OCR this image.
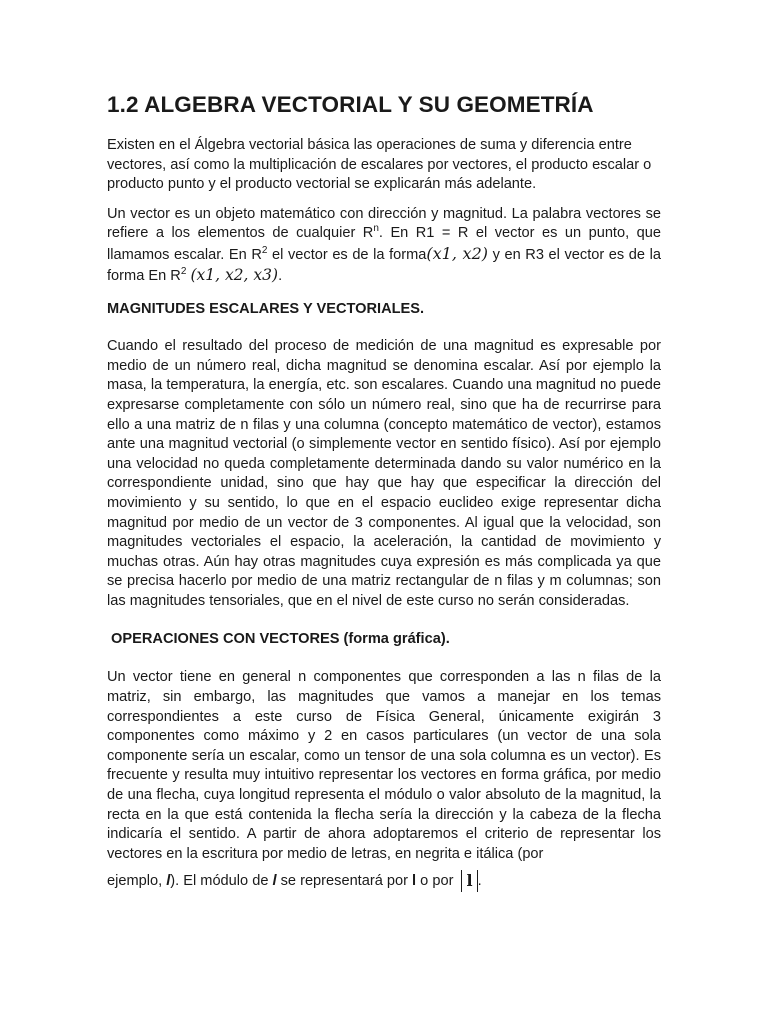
1.2 ALGEBRA VECTORIAL Y SU GEOMETRÍA

Existen en el Álgebra vectorial básica las operaciones de suma y diferencia entre vectores, así como la multiplicación de escalares por vectores, el producto escalar o producto punto y el producto vectorial se explicarán más adelante.

Un vector es un objeto matemático con dirección y magnitud. La palabra vectores se refiere a los elementos de cualquier $R^n$. En R1 = R el vector es un punto, que llamamos escalar. En $R^2$ el vector es de la forma(x1, x2) y en R3 el vector es de la forma En $R^2$ (x1, x2, x3).

MAGNITUDES ESCALARES Y VECTORIALES.

Cuando el resultado del proceso de medición de una magnitud es expresable por medio de un número real, dicha magnitud se denomina escalar. Así por ejemplo la masa, la temperatura, la energía, etc. son escalares. Cuando una magnitud no puede expresarse completamente con sólo un número real, sino que ha de recurrirse para ello a una matriz de n filas y una columna (concepto matemático de vector), estamos ante una magnitud vectorial (o simplemente vector en sentido físico). Así por ejemplo una velocidad no queda completamente determinada dando su valor numérico en la correspondiente unidad, sino que hay que hay que especificar la dirección del movimiento y su sentido, lo que en el espacio euclideo exige representar dicha magnitud por medio de un vector de 3 componentes. Al igual que la velocidad, son magnitudes vectoriales el espacio, la aceleración, la cantidad de movimiento y muchas otras. Aún hay otras magnitudes cuya expresión es más complicada ya que se precisa hacerlo por medio de una matriz rectangular de n filas y m columnas; son las magnitudes tensoriales, que en el nivel de este curso no serán consideradas.

OPERACIONES CON VECTORES (forma gráfica).

Un vector tiene en general n componentes que corresponden a las n filas de la matriz, sin embargo, las magnitudes que vamos a manejar en los temas correspondientes a este curso de Física General, únicamente exigirán 3 componentes como máximo y 2 en casos particulares (un vector de una sola componente sería un escalar, como un tensor de una sola columna es un vector). Es frecuente y resulta muy intuitivo representar los vectores en forma gráfica, por medio de una flecha, cuya longitud representa el módulo o valor absoluto de la magnitud, la recta en la que está contenida la flecha sería la dirección y la cabeza de la flecha indicaría el sentido. A partir de ahora adoptaremos el criterio de representar los vectores en la escritura por medio de letras, en negrita e itálica (por

ejemplo, l). El módulo de l se representará por l o por l .
